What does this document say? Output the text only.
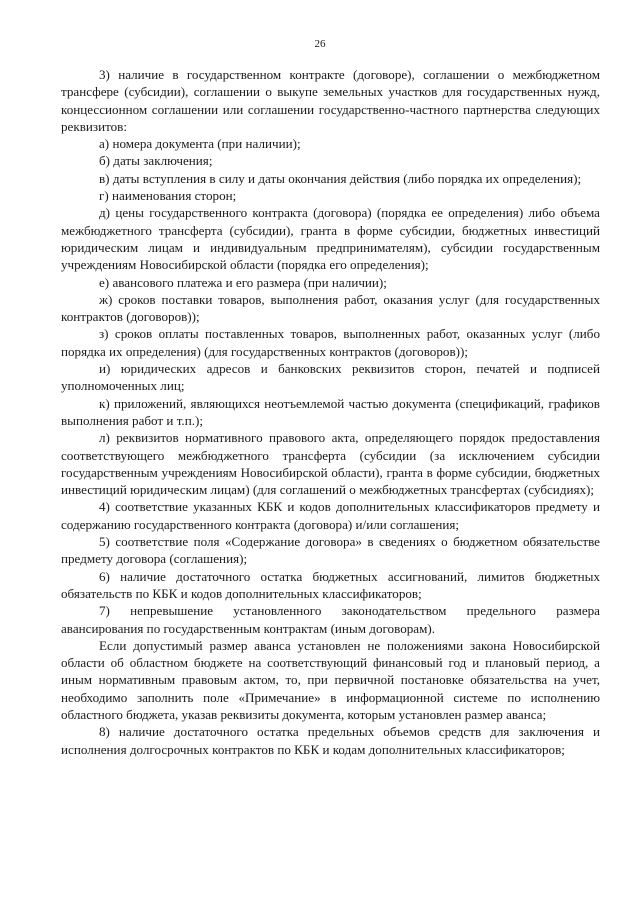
26

3) наличие в государственном контракте (договоре), соглашении о межбюджетном трансфере (субсидии), соглашении о выкупе земельных участков для государственных нужд, концессионном соглашении или соглашении государственно-частного партнерства следующих реквизитов:

а) номера документа (при наличии);

б) даты заключения;

в) даты вступления в силу и даты окончания действия (либо порядка их определения);

г) наименования сторон;

д) цены государственного контракта (договора) (порядка ее определения) либо объема межбюджетного трансферта (субсидии), гранта в форме субсидии, бюджетных инвестиций юридическим лицам и индивидуальным предпринимателям), субсидии государственным учреждениям Новосибирской области (порядка его определения);

е) авансового платежа и его размера (при наличии);

ж) сроков поставки товаров, выполнения работ, оказания услуг (для государственных контрактов (договоров));

з) сроков оплаты поставленных товаров, выполненных работ, оказанных услуг (либо порядка их определения) (для государственных контрактов (договоров));

и) юридических адресов и банковских реквизитов сторон, печатей и подписей уполномоченных лиц;

к) приложений, являющихся неотъемлемой частью документа (спецификаций, графиков выполнения работ и т.п.);

л) реквизитов нормативного правового акта, определяющего порядок предоставления соответствующего межбюджетного трансферта (субсидии (за исключением субсидии государственным учреждениям Новосибирской области), гранта в форме субсидии, бюджетных инвестиций юридическим лицам) (для соглашений о межбюджетных трансфертах (субсидиях);

4) соответствие указанных КБК и кодов дополнительных классификаторов предмету и содержанию государственного контракта (договора) и/или соглашения;

5) соответствие поля «Содержание договора» в сведениях о бюджетном обязательстве предмету договора (соглашения);

6) наличие достаточного остатка бюджетных ассигнований, лимитов бюджетных обязательств по КБК и кодов дополнительных классификаторов;

7) непревышение установленного законодательством предельного размера авансирования по государственным контрактам (иным договорам).

Если допустимый размер аванса установлен не положениями закона Новосибирской области об областном бюджете на соответствующий финансовый год и плановый период, а иным нормативным правовым актом, то, при первичной постановке обязательства на учет, необходимо заполнить поле «Примечание» в информационной системе по исполнению областного бюджета, указав реквизиты документа, которым установлен размер аванса;

8) наличие достаточного остатка предельных объемов средств для заключения и исполнения долгосрочных контрактов по КБК и кодам дополнительных классификаторов;
